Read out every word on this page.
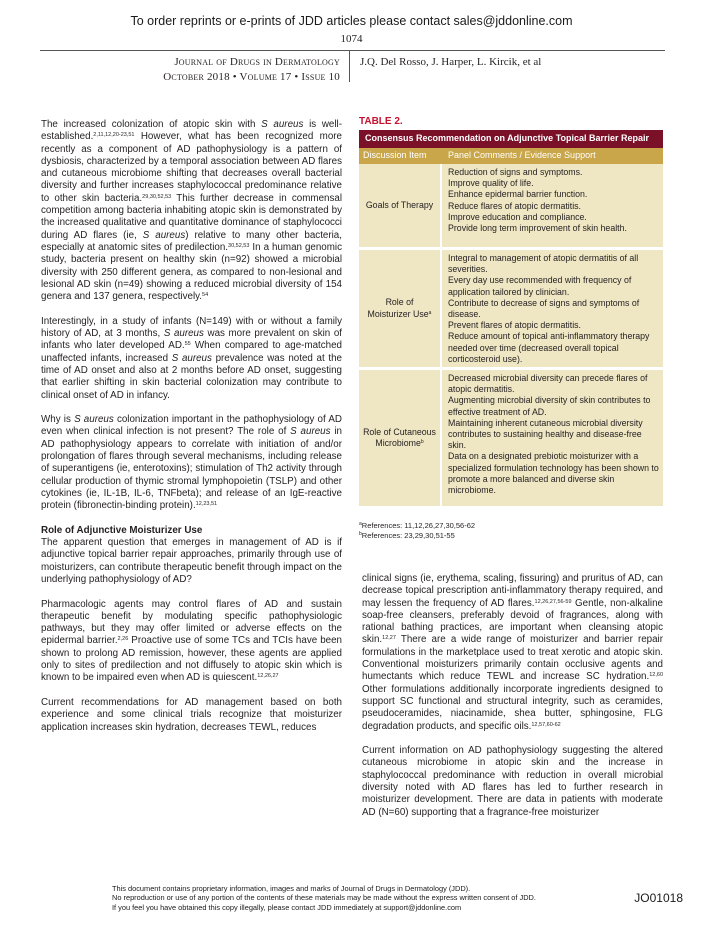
To order reprints or e-prints of JDD articles please contact sales@jddonline.com
1074
Journal of Drugs in Dermatology
October 2018 • Volume 17 • Issue 10
J.Q. Del Rosso, J. Harper, L. Kircik, et al

The increased colonization of atopic skin with S aureus is well-established.$^{2,11,12,20-23,51}$ However, what has been recognized more recently as a component of AD pathophysiology is a pattern of dysbiosis, characterized by a temporal association between AD flares and cutaneous microbiome shifting that decreases overall bacterial diversity and further increases staphylococcal predominance relative to other skin bacteria.$^{29,30,52,53}$ This further decrease in commensal competition among bacteria inhabiting atopic skin is demonstrated by the increased qualitative and quantitative dominance of staphylococci during AD flares (ie, S aureus) relative to many other bacteria, especially at anatomic sites of predilection.$^{30,52,53}$ In a human genomic study, bacteria present on healthy skin (n=92) showed a microbial diversity with 250 different genera, as compared to non-lesional and lesional AD skin (n=49) showing a reduced microbial diversity of 154 genera and 137 genera, respectively.$^{54}$

Interestingly, in a study of infants (N=149) with or without a family history of AD, at 3 months, S aureus was more prevalent on skin of infants who later developed AD.$^{55}$ When compared to age-matched unaffected infants, increased S aureus prevalence was noted at the time of AD onset and also at 2 months before AD onset, suggesting that earlier shifting in skin bacterial colonization may contribute to clinical onset of AD in infancy.

Why is S aureus colonization important in the pathophysiology of AD even when clinical infection is not present? The role of S aureus in AD pathophysiology appears to correlate with initiation of and/or prolongation of flares through several mechanisms, including release of superantigens (ie, enterotoxins); stimulation of Th2 activity through cellular production of thymic stromal lymphopoietin (TSLP) and other cytokines (ie, IL-1B, IL-6, TNFbeta); and release of an IgE-reactive protein (fibronectin-binding protein).$^{12,23,51}$

Role of Adjunctive Moisturizer Use

The apparent question that emerges in management of AD is if adjunctive topical barrier repair approaches, primarily through use of moisturizers, can contribute therapeutic benefit through impact on the underlying pathophysiology of AD?

Pharmacologic agents may control flares of AD and sustain therapeutic benefit by modulating specific pathophysiologic pathways, but they may offer limited or adverse effects on the epidermal barrier.$^{2,26}$ Proactive use of some TCs and TCIs have been shown to prolong AD remission, however, these agents are applied only to sites of predilection and not diffusely to atopic skin which is known to be impaired even when AD is quiescent.$^{12,26,27}$

Current recommendations for AD management based on both experience and some clinical trials recognize that moisturizer application increases skin hydration, decreases TEWL, reduces

TABLE 2.
Consensus Recommendation on Adjunctive Topical Barrier Repair
Discussion Item	Panel Comments / Evidence Support
Goals of Therapy
Reduction of signs and symptoms.
Improve quality of life.
Enhance epidermal barrier function.
Reduce flares of atopic dermatitis.
Improve education and compliance.
Provide long term improvement of skin health.
Role of Moisturizer Use$^a$
Integral to management of atopic dermatitis of all severities.
Every day use recommended with frequency of application tailored by clinician.
Contribute to decrease of signs and symptoms of disease.
Prevent flares of atopic dermatitis.
Reduce amount of topical anti-inflammatory therapy needed over time (decreased overall topical corticosteroid use).
Role of Cutaneous Microbiome$^b$
Decreased microbial diversity can precede flares of atopic dermatitis.
Augmenting microbial diversity of skin contributes to effective treatment of AD.
Maintaining inherent cutaneous microbial diversity contributes to sustaining healthy and disease-free skin.
Data on a designated prebiotic moisturizer with a specialized formulation technology has been shown to promote a more balanced and diverse skin microbiome.
$^a$References: 11,12,26,27,30,56-62
$^b$References: 23,29,30,51-55

clinical signs (ie, erythema, scaling, fissuring) and pruritus of AD, can decrease topical prescription anti-inflammatory therapy required, and may lessen the frequency of AD flares.$^{12,26,27,56-59}$ Gentle, non-alkaline soap-free cleansers, preferably devoid of fragrances, along with rational bathing practices, are important when cleansing atopic skin.$^{12,27}$ There are a wide range of moisturizer and barrier repair formulations in the marketplace used to treat xerotic and atopic skin. Conventional moisturizers primarily contain occlusive agents and humectants which reduce TEWL and increase SC hydration.$^{12,60}$ Other formulations additionally incorporate ingredients designed to support SC functional and structural integrity, such as ceramides, pseudoceramides, niacinamide, shea butter, sphingosine, FLG degradation products, and specific oils.$^{12,57,60-62}$

Current information on AD pathophysiology suggesting the altered cutaneous microbiome in atopic skin and the increase in staphylococcal predominance with reduction in overall microbial diversity noted with AD flares has led to further research in moisturizer development. There are data in patients with moderate AD (N=60) supporting that a fragrance-free moisturizer

This document contains proprietary information, images and marks of Journal of Drugs in Dermatology (JDD).
No reproduction or use of any portion of the contents of these materials may be made without the express written consent of JDD.
If you feel you have obtained this copy illegally, please contact JDD immediately at support@jddonline.com
JO01018
